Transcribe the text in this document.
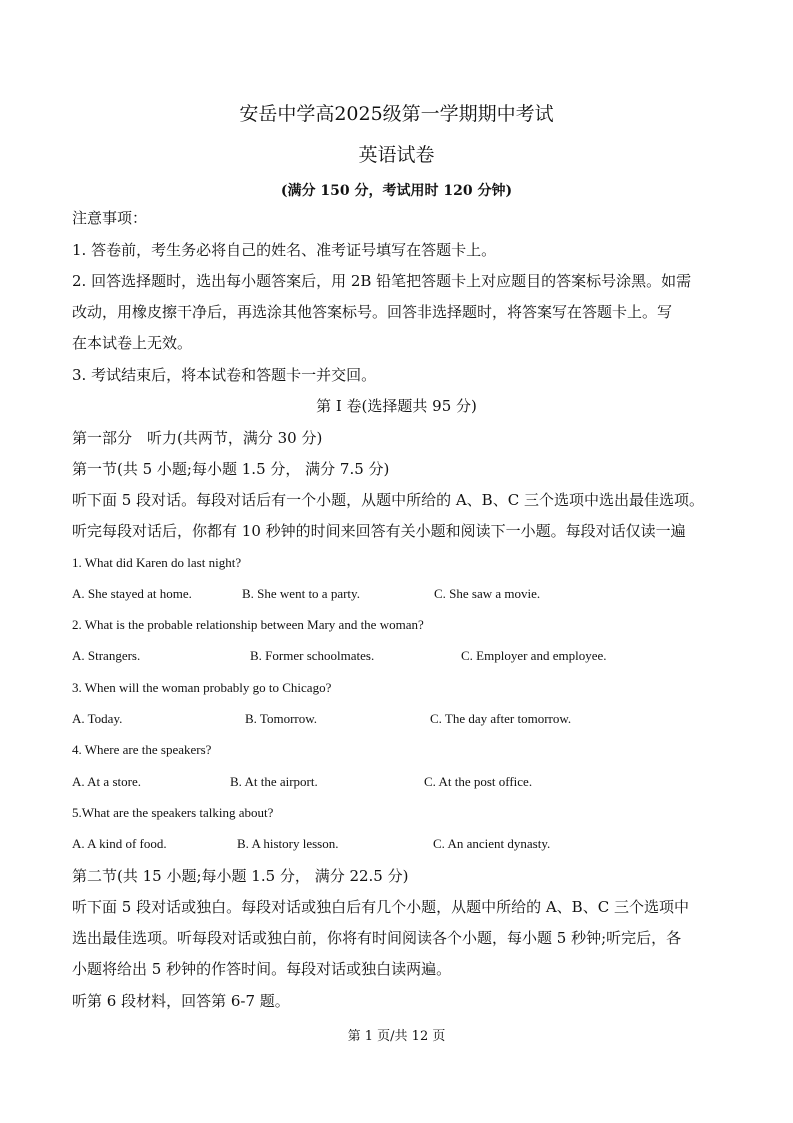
安岳中学高2025级第一学期期中考试
英语试卷
(满分 150 分，考试用时 120 分钟)
注意事项：
1. 答卷前，考生务必将自己的姓名、准考证号填写在答题卡上。
2. 回答选择题时，选出每小题答案后，用 2B 铅笔把答题卡上对应题目的答案标号涂黑。如需
改动，用橡皮擦干净后，再选涂其他答案标号。回答非选择题时，将答案写在答题卡上。写
在本试卷上无效。
3. 考试结束后，将本试卷和答题卡一并交回。
第 I 卷(选择题共 95 分)
第一部分　听力(共两节，满分 30 分)
第一节(共 5 小题;每小题 1.5 分， 满分 7.5 分)
听下面 5 段对话。每段对话后有一个小题，从题中所给的 A、B、C 三个选项中选出最佳选项。
听完每段对话后，你都有 10 秒钟的时间来回答有关小题和阅读下一小题。每段对话仅读一遍
1. What did Karen do last night?
A. She stayed at home.	B. She went to a party.	C. She saw a movie.
2. What is the probable relationship between Mary and the woman?
A. Strangers.	B. Former schoolmates.	C. Employer and employee.
3. When will the woman probably go to Chicago?
A. Today.	B. Tomorrow.	C. The day after tomorrow.
4. Where are the speakers?
A. At a store.	B. At the airport.	C. At the post office.
5.What are the speakers talking about?
A. A kind of food.	B. A history lesson.	C. An ancient dynasty.
第二节(共 15 小题;每小题 1.5 分， 满分 22.5 分)
听下面 5 段对话或独白。每段对话或独白后有几个小题，从题中所给的 A、B、C 三个选项中
选出最佳选项。听每段对话或独白前，你将有时间阅读各个小题，每小题 5 秒钟;听完后，各
小题将给出 5 秒钟的作答时间。每段对话或独白读两遍。
听第 6 段材料，回答第 6-7 题。
第 1 页/共 12 页
